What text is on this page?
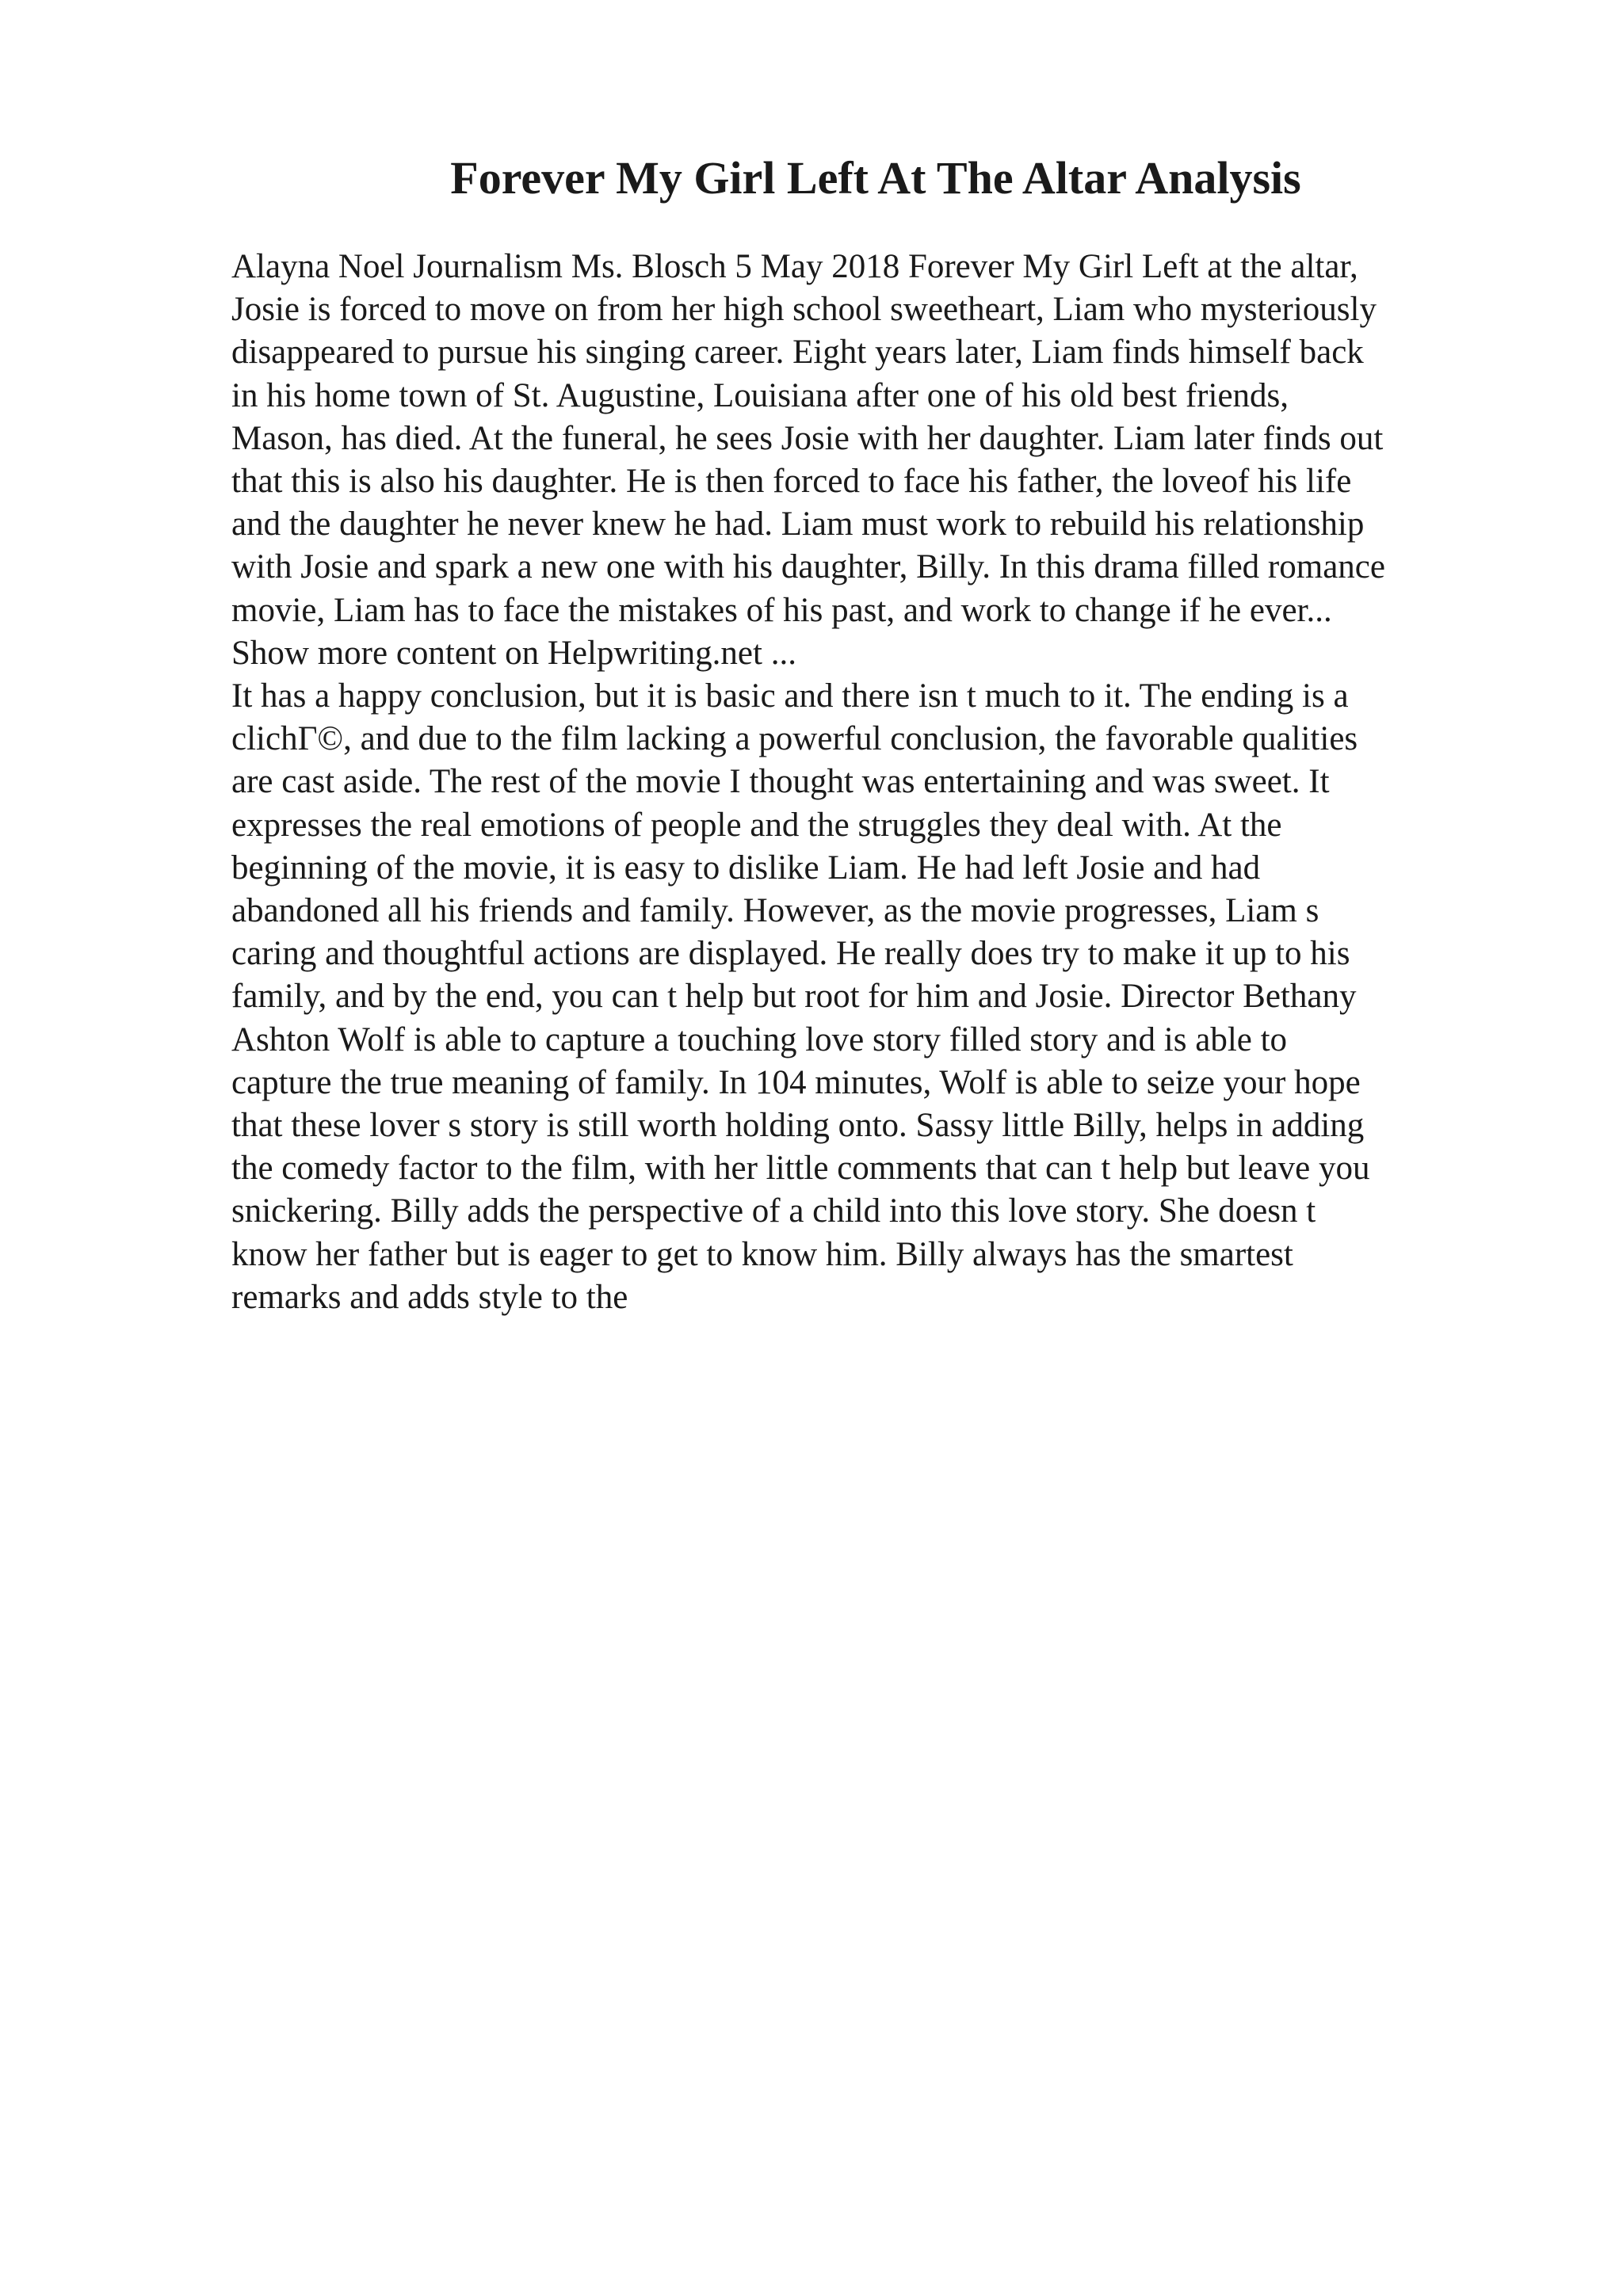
Forever My Girl Left At The Altar Analysis
Alayna Noel Journalism Ms. Blosch 5 May 2018 Forever My Girl Left at the altar,
Josie is forced to move on from her high school sweetheart, Liam who mysteriously
disappeared to pursue his singing career. Eight years later, Liam finds himself back
in his home town of St. Augustine, Louisiana after one of his old best friends,
Mason, has died. At the funeral, he sees Josie with her daughter. Liam later finds out
that this is also his daughter. He is then forced to face his father, the loveof his life
and the daughter he never knew he had. Liam must work to rebuild his relationship
with Josie and spark a new one with his daughter, Billy. In this drama filled romance
movie, Liam has to face the mistakes of his past, and work to change if he ever...
Show more content on Helpwriting.net ...
It has a happy conclusion, but it is basic and there isn t much to it. The ending is a
clichΓ©, and due to the film lacking a powerful conclusion, the favorable qualities
are cast aside. The rest of the movie I thought was entertaining and was sweet. It
expresses the real emotions of people and the struggles they deal with. At the
beginning of the movie, it is easy to dislike Liam. He had left Josie and had
abandoned all his friends and family. However, as the movie progresses, Liam s
caring and thoughtful actions are displayed. He really does try to make it up to his
family, and by the end, you can t help but root for him and Josie. Director Bethany
Ashton Wolf is able to capture a touching love story filled story and is able to
capture the true meaning of family. In 104 minutes, Wolf is able to seize your hope
that these lover s story is still worth holding onto. Sassy little Billy, helps in adding
the comedy factor to the film, with her little comments that can t help but leave you
snickering. Billy adds the perspective of a child into this love story. She doesn t
know her father but is eager to get to know him. Billy always has the smartest
remarks and adds style to the
